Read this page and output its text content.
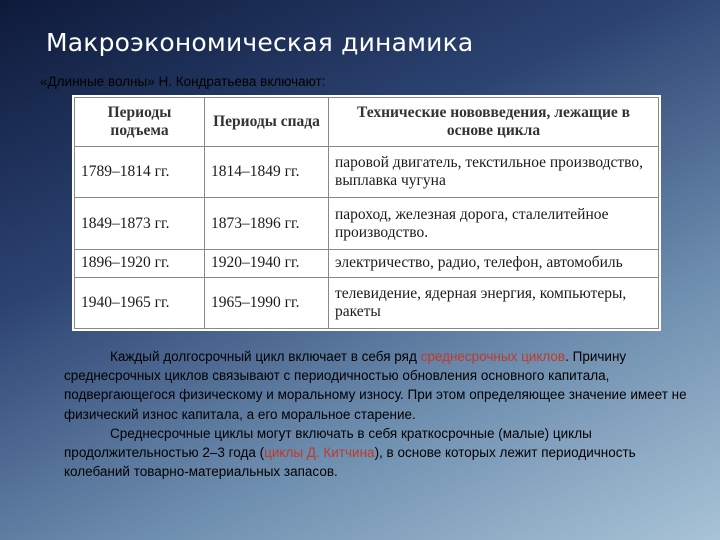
Макроэкономическая динамика
«Длинные волны» Н. Кондратьева включают:
Периоды подъема	Периоды спада	Технические нововведения, лежащие в основе цикла
1789–1814 гг.	1814–1849 гг.	паровой двигатель, текстильное производство, выплавка чугуна
1849–1873 гг.	1873–1896 гг.	пароход, железная дорога, сталелитейное производство.
1896–1920 гг.	1920–1940 гг.	электричество, радио, телефон, автомобиль
1940–1965 гг.	1965–1990 гг.	телевидение, ядерная энергия, компьютеры, ракеты

Каждый долгосрочный цикл включает в себя ряд среднесрочных циклов. Причину среднесрочных циклов связывают с периодичностью обновления основного капитала, подвергающегося физическому и моральному износу. При этом определяющее значение имеет не физический износ капитала, а его моральное старение.

Среднесрочные циклы могут включать в себя краткосрочные (малые) циклы продолжительностью 2–3 года (циклы Д. Китчина), в основе которых лежит периодичность колебаний товарно-материальных запасов.
